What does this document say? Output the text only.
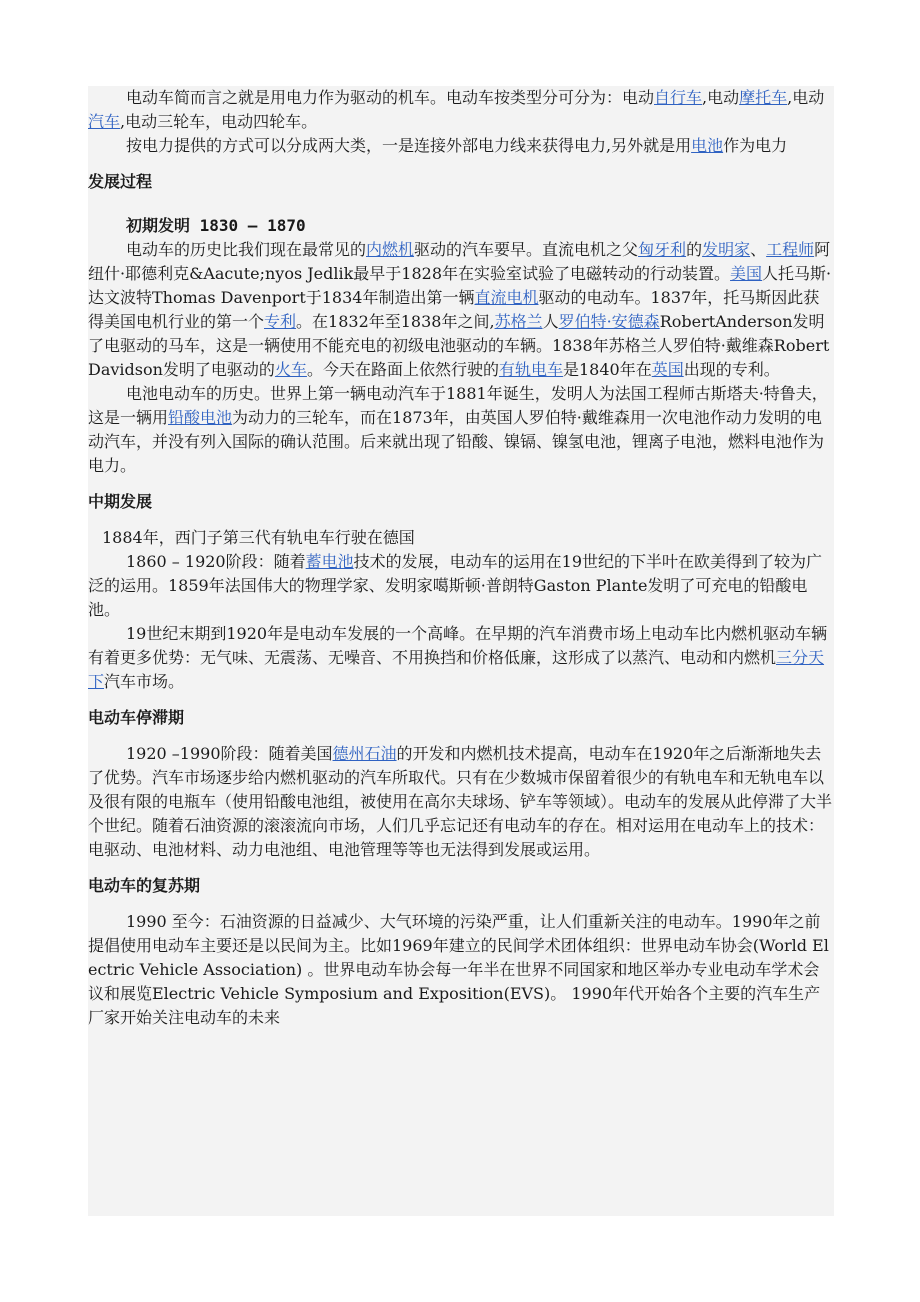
电动车简而言之就是用电力作为驱动的机车。电动车按类型分可分为：电动自行车,电动摩托车,电动汽车,电动三轮车，电动四轮车。

按电力提供的方式可以分成两大类，一是连接外部电力线来获得电力,另外就是用电池作为电力

发展过程

初期发明 1830 – 1870

电动车的历史比我们现在最常见的内燃机驱动的汽车要早。直流电机之父匈牙利的发明家、工程师阿纽什·耶德利克&Aacute;nyos Jedlik最早于1828年在实验室试验了电磁转动的行动装置。美国人托马斯·达文波特Thomas Davenport于1834年制造出第一辆直流电机驱动的电动车。1837年，托马斯因此获得美国电机行业的第一个专利。在1832年至1838年之间,苏格兰人罗伯特·安德森RobertAnderson发明了电驱动的马车，这是一辆使用不能充电的初级电池驱动的车辆。1838年苏格兰人罗伯特·戴维森Robert Davidson发明了电驱动的火车。今天在路面上依然行驶的有轨电车是1840年在英国出现的专利。

电池电动车的历史。世界上第一辆电动汽车于1881年诞生，发明人为法国工程师古斯塔夫·特鲁夫，这是一辆用铅酸电池为动力的三轮车，而在1873年，由英国人罗伯特·戴维森用一次电池作动力发明的电动汽车，并没有列入国际的确认范围。后来就出现了铅酸、镍镉、镍氢电池，锂离子电池，燃料电池作为电力。

中期发展

1884年，西门子第三代有轨电车行驶在德国

1860 – 1920阶段：随着蓄电池技术的发展，电动车的运用在19世纪的下半叶在欧美得到了较为广泛的运用。1859年法国伟大的物理学家、发明家噶斯顿·普朗特Gaston Plante发明了可充电的铅酸电池。

19世纪末期到1920年是电动车发展的一个高峰。在早期的汽车消费市场上电动车比内燃机驱动车辆有着更多优势：无气味、无震荡、无噪音、不用换挡和价格低廉，这形成了以蒸汽、电动和内燃机三分天下汽车市场。

电动车停滞期

1920 –1990阶段：随着美国德州石油的开发和内燃机技术提高，电动车在1920年之后渐渐地失去了优势。汽车市场逐步给内燃机驱动的汽车所取代。只有在少数城市保留着很少的有轨电车和无轨电车以及很有限的电瓶车（使用铅酸电池组，被使用在高尔夫球场、铲车等领域）。电动车的发展从此停滞了大半个世纪。随着石油资源的滚滚流向市场，人们几乎忘记还有电动车的存在。相对运用在电动车上的技术：电驱动、电池材料、动力电池组、电池管理等等也无法得到发展或运用。

电动车的复苏期

1990 至今：石油资源的日益减少、大气环境的污染严重，让人们重新关注的电动车。1990年之前提倡使用电动车主要还是以民间为主。比如1969年建立的民间学术团体组织：世界电动车协会(World Electric Vehicle Association) 。世界电动车协会每一年半在世界不同国家和地区举办专业电动车学术会议和展览Electric Vehicle Symposium and Exposition(EVS)。 1990年代开始各个主要的汽车生产厂家开始关注电动车的未来
